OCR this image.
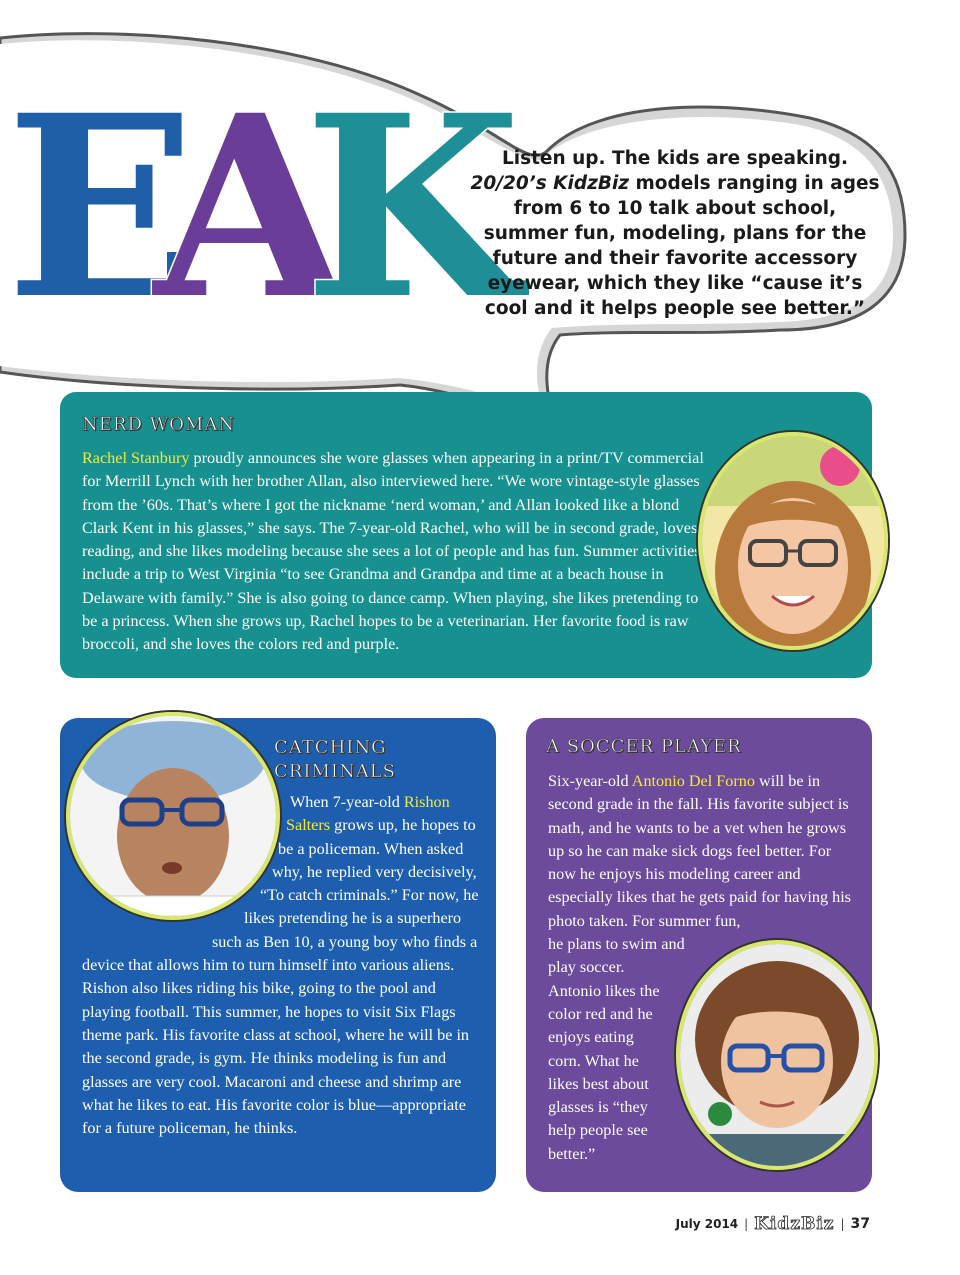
E
A
K
Listen up. The kids are speaking.
20/20’s KidzBiz models ranging in ages from 6 to 10 talk about school, summer fun, modeling, plans for the future and their favorite accessory eyewear, which they like “cause it’s cool and it helps people see better.”
NERD WOMAN
Rachel Stanbury proudly announces she wore glasses when appearing in a print/TV commercial for Merrill Lynch with her brother Allan, also interviewed here. “We wore vintage-style glasses from the ’60s. That’s where I got the nickname ‘nerd woman,’ and Allan looked like a blond Clark Kent in his glasses,” she says. The 7-year-old Rachel, who will be in second grade, loves reading, and she likes modeling because she sees a lot of people and has fun. Summer activities include a trip to West Virginia “to see Grandma and Grandpa and time at a beach house in Delaware with family.” She is also going to dance camp. When playing, she likes pretending to be a princess. When she grows up, Rachel hopes to be a veterinarian. Her favorite food is raw broccoli, and she loves the colors red and purple.
CATCHING CRIMINALS
When 7-year-old Rishon Salters grows up, he hopes to be a policeman. When asked why, he replied very decisively, “To catch criminals.” For now, he likes pretending he is a superhero such as Ben 10, a young boy who finds a device that allows him to turn himself into various aliens. Rishon also likes riding his bike, going to the pool and playing football. This summer, he hopes to visit Six Flags theme park. His favorite class at school, where he will be in the second grade, is gym. He thinks modeling is fun and glasses are very cool. Macaroni and cheese and shrimp are what he likes to eat. His favorite color is blue—appropriate for a future policeman, he thinks.
A SOCCER PLAYER
Six-year-old Antonio Del Forno will be in second grade in the fall. His favorite subject is math, and he wants to be a vet when he grows up so he can make sick dogs feel better. For now he enjoys his modeling career and especially likes that he gets paid for having his photo taken. For summer fun, he plans to swim and play soccer. Antonio likes the color red and he enjoys eating corn. What he likes best about glasses is “they help people see better.”
July 2014 | KidzBiz | 37
